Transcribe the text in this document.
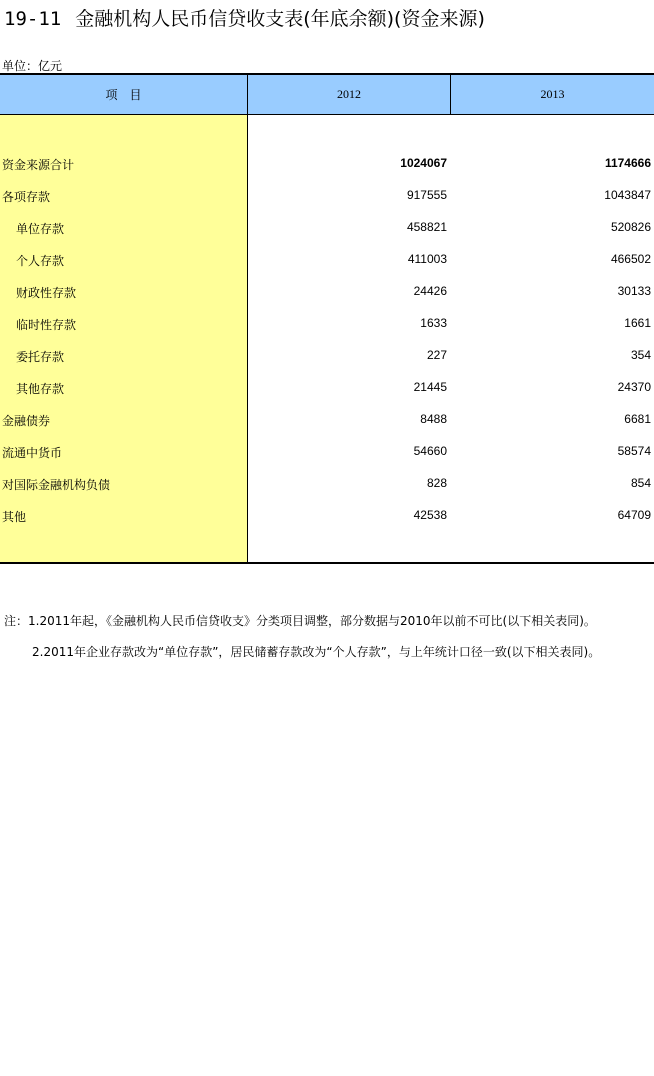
19-11 金融机构人民币信贷收支表(年底余额)(资金来源)
单位：亿元
项　目	2012	2013
资金来源合计	1024067	1174666
各项存款	917555	1043847
单位存款	458821	520826
个人存款	411003	466502
财政性存款	24426	30133
临时性存款	1633	1661
委托存款	227	354
其他存款	21445	24370
金融债券	8488	6681
流通中货币	54660	58574
对国际金融机构负债	828	854
其他	42538	64709
注：1.2011年起，《金融机构人民币信贷收支》分类项目调整，部分数据与2010年以前不可比(以下相关表同)。
2.2011年企业存款改为“单位存款”，居民储蓄存款改为“个人存款”，与上年统计口径一致(以下相关表同)。
